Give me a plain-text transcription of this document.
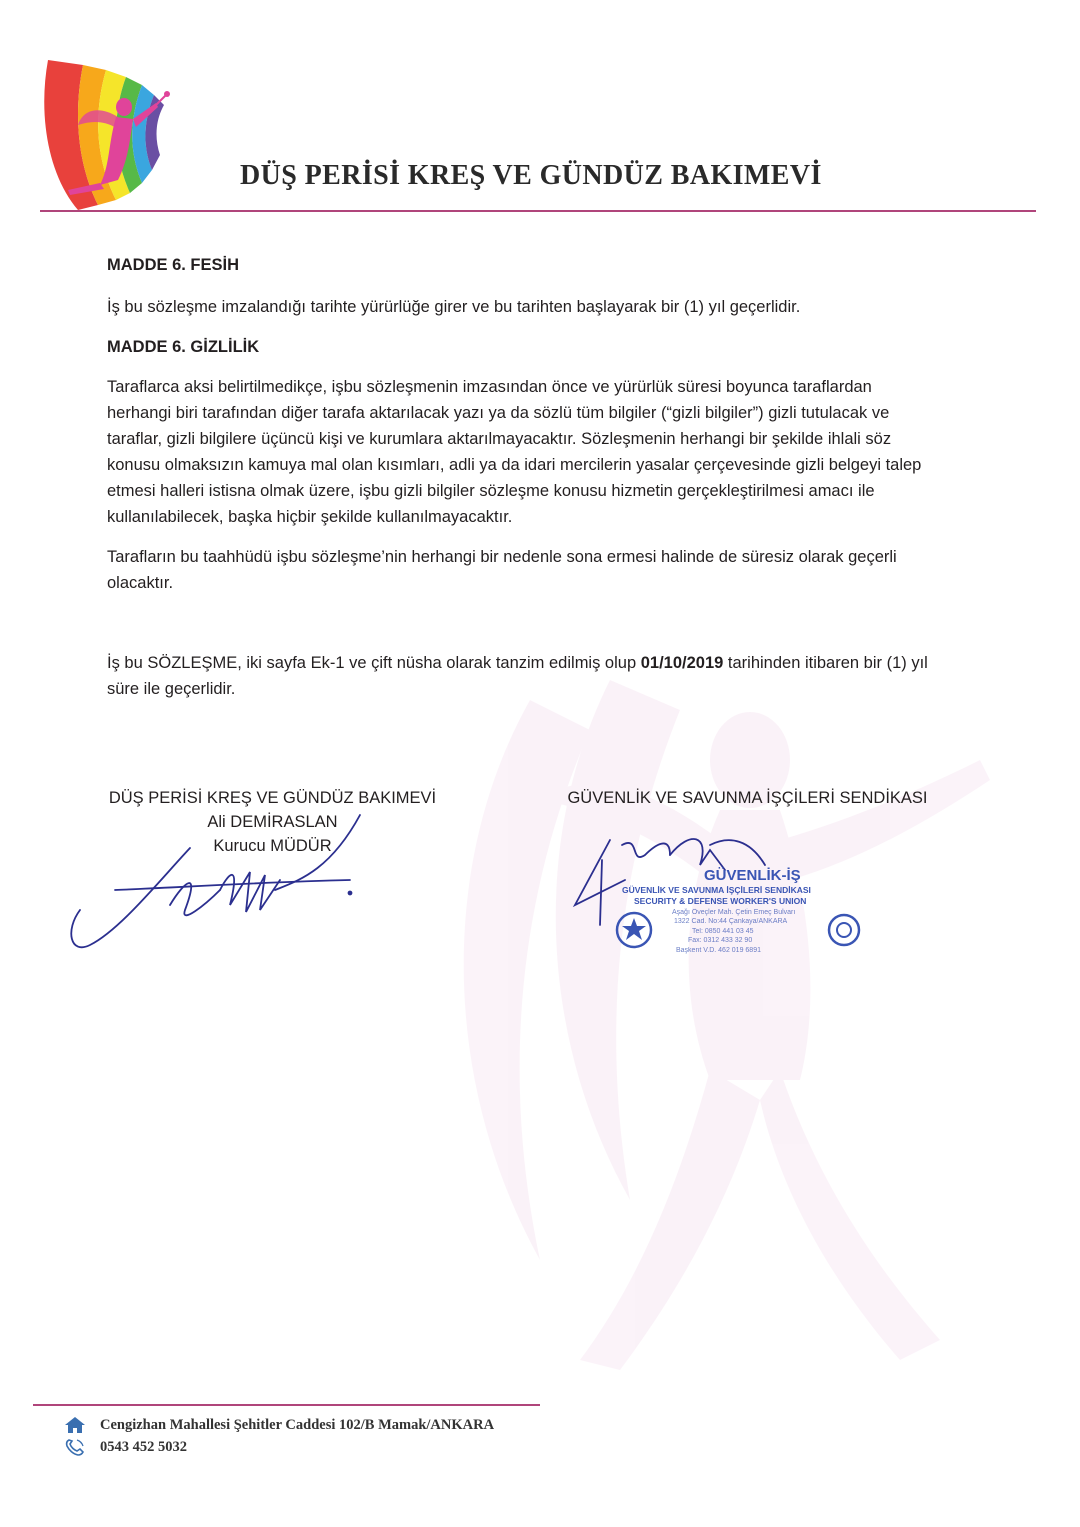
DÜŞ PERİSİ KREŞ VE GÜNDÜZ BAKIMEVİ
MADDE 6. FESİH

İş bu sözleşme imzalandığı tarihte yürürlüğe girer ve bu tarihten başlayarak bir (1) yıl geçerlidir.

MADDE 6. GİZLİLİK

Taraflarca aksi belirtilmedikçe, işbu sözleşmenin imzasından önce ve yürürlük süresi boyunca taraflardan herhangi biri tarafından diğer tarafa aktarılacak yazı ya da sözlü tüm bilgiler (“gizli bilgiler”) gizli tutulacak ve taraflar, gizli bilgilere üçüncü kişi ve kurumlara aktarılmayacaktır. Sözleşmenin herhangi bir şekilde ihlali söz konusu olmaksızın kamuya mal olan kısımları, adli ya da idari mercilerin yasalar çerçevesinde gizli belgeyi talep etmesi halleri istisna olmak üzere, işbu gizli bilgiler sözleşme konusu hizmetin gerçekleştirilmesi amacı ile kullanılabilecek, başka hiçbir şekilde kullanılmayacaktır.

Tarafların bu taahhüdü işbu sözleşme’nin herhangi bir nedenle sona ermesi halinde de süresiz olarak geçerli olacaktır.

İş bu SÖZLEŞME, iki sayfa Ek-1 ve çift nüsha olarak tanzim edilmiş olup 01/10/2019 tarihinden itibaren bir (1) yıl süre ile geçerlidir.

DÜŞ PERİSİ KREŞ VE GÜNDÜZ BAKIMEVİ
Ali DEMİRASLAN
Kurucu MÜDÜR
GÜVENLİK VE SAVUNMA İŞÇİLERİ SENDİKASI
GÜVENLİK-İŞ
GÜVENLİK VE SAVUNMA İŞÇİLERİ SENDİKASI
SECURITY & DEFENSE WORKER'S UNION
Aşağı Öveçler Mah. Çetin Emeç Bulvarı
1322 Cad. No:44 Çankaya/ANKARA
Tel: 0850 441 03 45
Fax: 0312 433 32 90
Başkent V.D. 462 019 6891
Cengizhan Mahallesi Şehitler Caddesi 102/B Mamak/ANKARA
0543 452 5032
